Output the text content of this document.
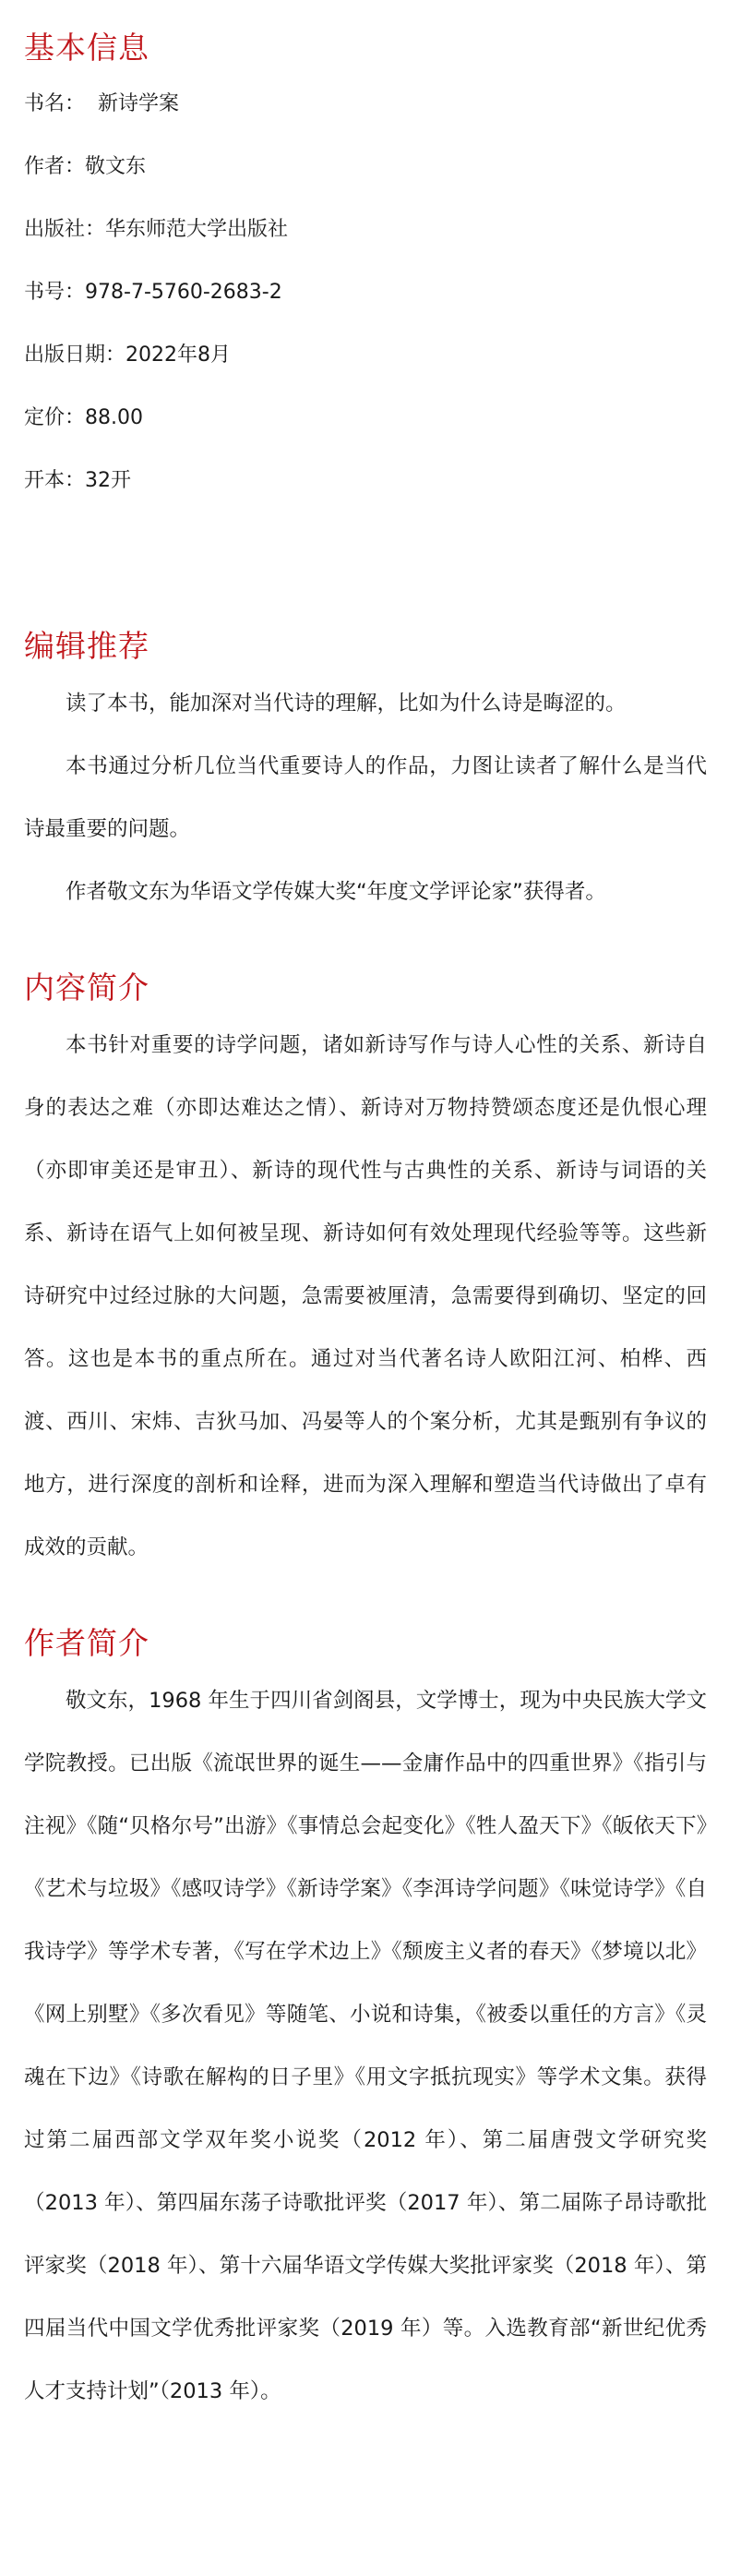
基本信息
书名：  新诗学案
作者：敬文东
出版社：华东师范大学出版社
书号：978-7-5760-2683-2
出版日期：2022年8月
定价：88.00
开本：32开
编辑推荐

读了本书，能加深对当代诗的理解，比如为什么诗是晦涩的。

本书通过分析几位当代重要诗人的作品，力图让读者了解什么是当代诗最重要的问题。

作者敬文东为华语文学传媒大奖“年度文学评论家”获得者。

内容简介

本书针对重要的诗学问题，诸如新诗写作与诗人心性的关系、新诗自身的表达之难（亦即达难达之情）、新诗对万物持赞颂态度还是仇恨心理（亦即审美还是审丑）、新诗的现代性与古典性的关系、新诗与词语的关系、新诗在语气上如何被呈现、新诗如何有效处理现代经验等等。这些新诗研究中过经过脉的大问题，急需要被厘清，急需要得到确切、坚定的回答。这也是本书的重点所在。通过对当代著名诗人欧阳江河、柏桦、西渡、西川、宋炜、吉狄马加、冯晏等人的个案分析，尤其是甄别有争议的地方，进行深度的剖析和诠释，进而为深入理解和塑造当代诗做出了卓有成效的贡献。

作者简介

敬文东，1968 年生于四川省剑阁县，文学博士，现为中央民族大学文学院教授。已出版《流氓世界的诞生——金庸作品中的四重世界》《指引与注视》《随“贝格尔号”出游》《事情总会起变化》《牲人盈天下》《皈依天下》《艺术与垃圾》《感叹诗学》《新诗学案》《李洱诗学问题》《味觉诗学》《自我诗学》等学术专著，《写在学术边上》《颓废主义者的春天》《梦境以北》《网上别墅》《多次看见》等随笔、小说和诗集，《被委以重任的方言》《灵魂在下边》《诗歌在解构的日子里》《用文字抵抗现实》等学术文集。获得过第二届西部文学双年奖小说奖（2012 年）、第二届唐弢文学研究奖（2013 年）、第四届东荡子诗歌批评奖（2017 年）、第二届陈子昂诗歌批评家奖（2018 年）、第十六届华语文学传媒大奖批评家奖（2018 年）、第四届当代中国文学优秀批评家奖（2019 年）等。入选教育部“新世纪优秀人才支持计划”（2013 年）。
